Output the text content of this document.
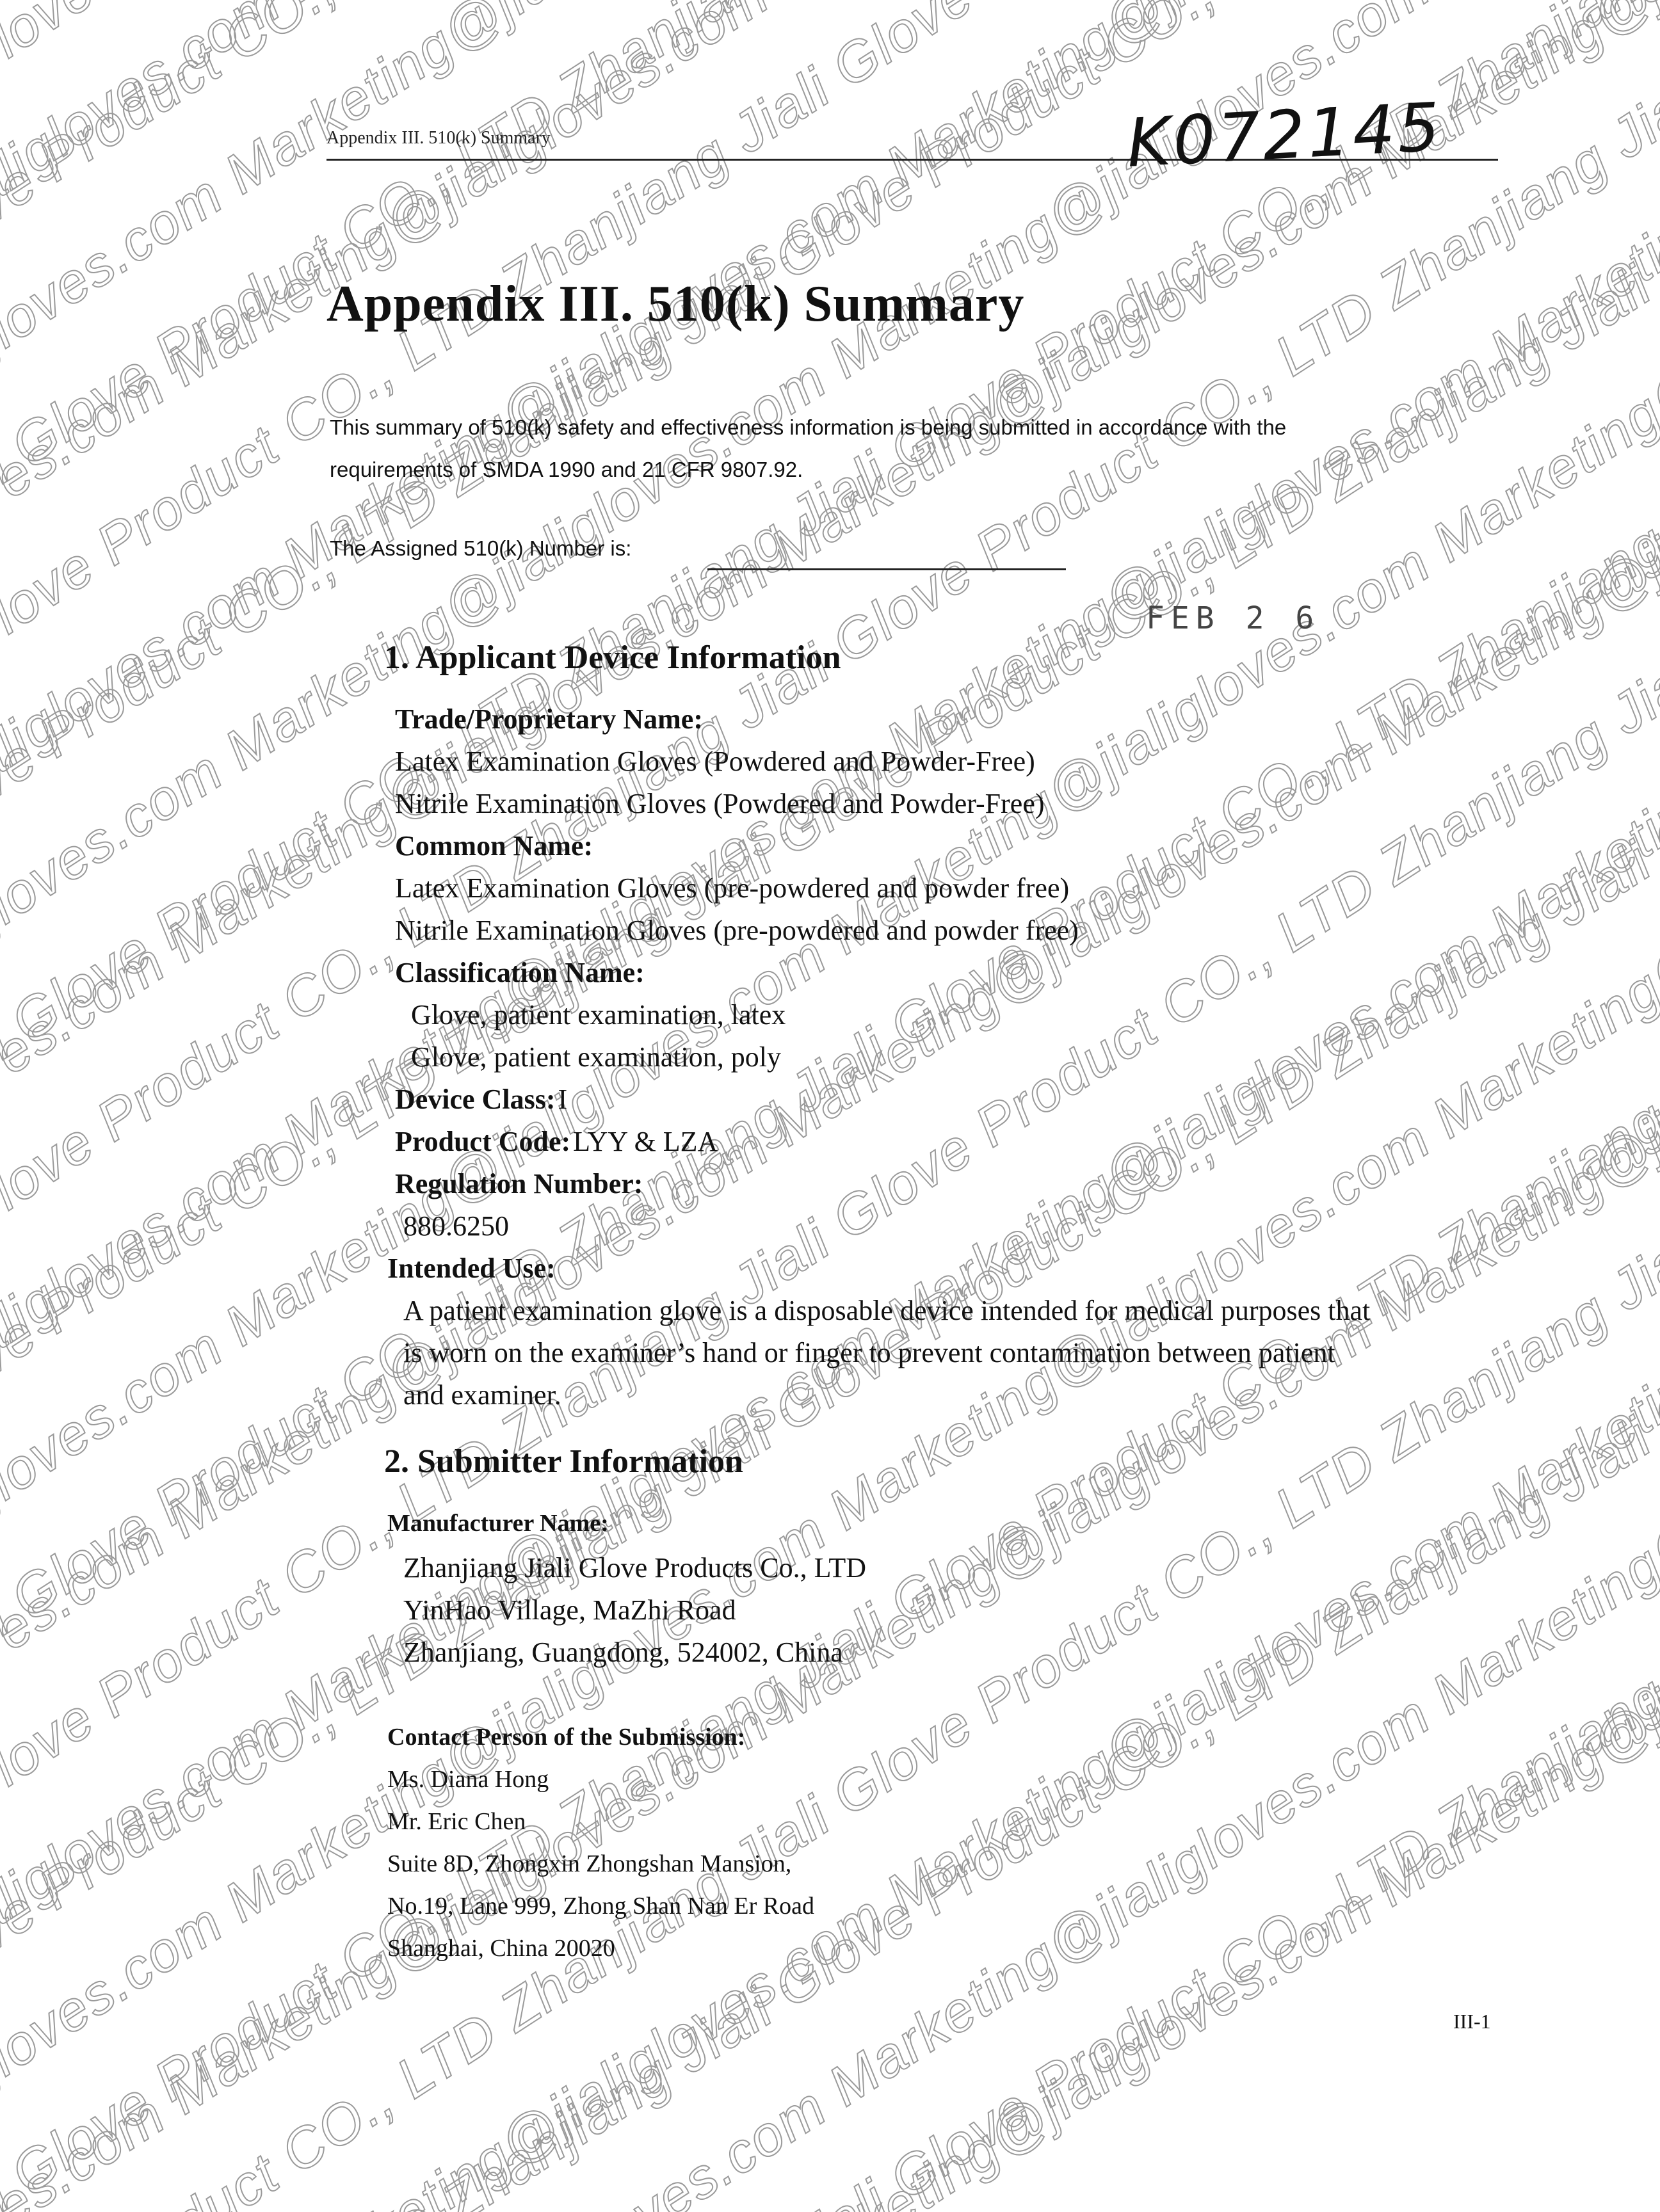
Marketing@jialigloves.com Marketing@jialigloves.com Marketing@jialigloves.com
Marketing@jialigloves.com Marketing@jialigloves.com Marketing@jialigloves.com Marketing@jialigloves.com
Marketing@jialigloves.com Marketing@jialigloves.com Marketing@jialigloves.com Marketing@jialigloves.com
Jiali Glove Product CO., LTD Zhanjiang Jiali Glove Product CO., LTD Zhanjiang Jiali
Marketing@jialigloves.com Marketing@jialigloves.com Marketing@jialigloves.com Marketing@jialigloves.com
Glove Product CO., LTD Zhanjiang Jiali Glove Product CO., LTD Zhanjiang Jiali
Marketing@jialigloves.com Marketing@jialigloves.com Marketing@jialigloves.com Marketing@jialigloves.com
Glove Product CO., LTD Zhanjiang Jiali Glove Product CO., LTD Zhanjiang Jiali Glove
Marketing@jialigloves.com Marketing@jialigloves.com Marketing@jialigloves.com Marketing@jialigloves.com
Glove Product CO., LTD Zhanjiang Jiali Glove Product CO., LTD Zhanjiang Jiali
Marketing@jialigloves.com Marketing@jialigloves.com Marketing@jialigloves.com
CO., LTD Zhanjiang Jiali Glove Product CO., LTD Zhanjiang Jiali
Marketing@jialigloves.com Marketing@jialigloves.com Marketing@jialigloves.com
Zhanjiang Jiali Glove Product CO., LTD Zhanjiang Jiali Glove
Marketing@jialigloves.com Marketing@jialigloves.com
Glove Product CO., LTD Zhanjiang Jiali
Marketing@jialigloves.com Marketing@jialigloves.com
Appendix III. 510(k) Summary	K072145
Appendix III. 510(k) Summary
This summary of 510(k) safety and effectiveness information is being submitted in accordance with the
requirements of SMDA 1990 and 21 CFR 9807.92.
The Assigned 510(k) Number is:
FEB 2 6
1. Applicant Device Information
Trade/Proprietary Name:
Latex Examination Gloves (Powdered and Powder-Free)
Nitrile Examination Gloves (Powdered and Powder-Free)
Common Name:
Latex Examination Gloves (pre-powdered and powder free)
Nitrile Examination Gloves (pre-powdered and powder free)
Classification Name:
Glove, patient examination, latex
Glove, patient examination, poly
Device Class: I
Product Code: LYY & LZA
Regulation Number:
880.6250
Intended Use:
A patient examination glove is a disposable device intended for medical purposes that
is worn on the examiner’s hand or finger to prevent contamination between patient
and examiner.
2. Submitter Information
Manufacturer Name:
Zhanjiang Jiali Glove Products Co., LTD
YinHao Village, MaZhi Road
Zhanjiang, Guangdong, 524002, China
Contact Person of the Submission:
Ms. Diana Hong
Mr. Eric Chen
Suite 8D, Zhongxin Zhongshan Mansion,
No.19, Lane 999, Zhong Shan Nan Er Road
Shanghai, China 20020
III-1
